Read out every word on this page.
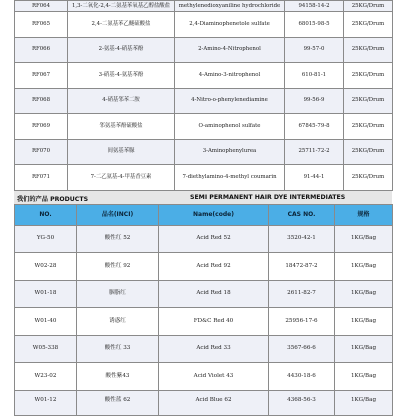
RF064	1,3-二氧化-2,4-二氨基苯氧基乙醇盐酸盐	methylenedioxyaniline hydrochloride	94158-14-2	25KG/Drum
RF065	2,4-二氨基苯乙醚硫酸盐	2,4-Diaminophenetole sulfate	68015-98-5	25KG/Drum
RF066	2-氨基-4-硝基苯酚	2-Amino-4-Nitrophenol	99-57-0	25KG/Drum
RF067	3-硝基-4-氨基苯酚	4-Amino-3-nitrophenol	610-81-1	25KG/Drum
RF068	4-硝基邻苯二胺	4-Nitro-o-phenylenediamine	99-56-9	25KG/Drum
RF069	邻氨基苯酚硫酸盐	O-aminophenol sulfate	67845-79-8	25KG/Drum
RF070	间氨基苯脲	3-Aminophenylurea	25711-72-2	25KG/Drum
RF071	7-二乙氨基-4-甲基香豆素	7-diethylamino-4-methyl coumarin	91-44-1	25KG/Drum
我们的产品 PRODUCTS	SEMI PERMANENT HAIR DYE INTERMEDIATES
NO.	品名(INCI)	Name(code)	CAS NO.	规格
YG-50	酸性红 52	Acid Red 52	3520-42-1	1KG/Bag
W02-28	酸性红 92	Acid Red 92	18472-87-2	1KG/Bag
W01-18	胭脂红	Acid Red 18	2611-82-7	1KG/Bag
W01-40	诱惑红	FD&C Red 40	25956-17-6	1KG/Bag
W05-338	酸性红 33	Acid Red 33	3567-66-6	1KG/Bag
W23-02	酸性紫43	Acid Violet 43	4430-18-6	1KG/Bag
W01-12	酸性蓝 62	Acid Blue 62	4368-56-3	1KG/Bag
